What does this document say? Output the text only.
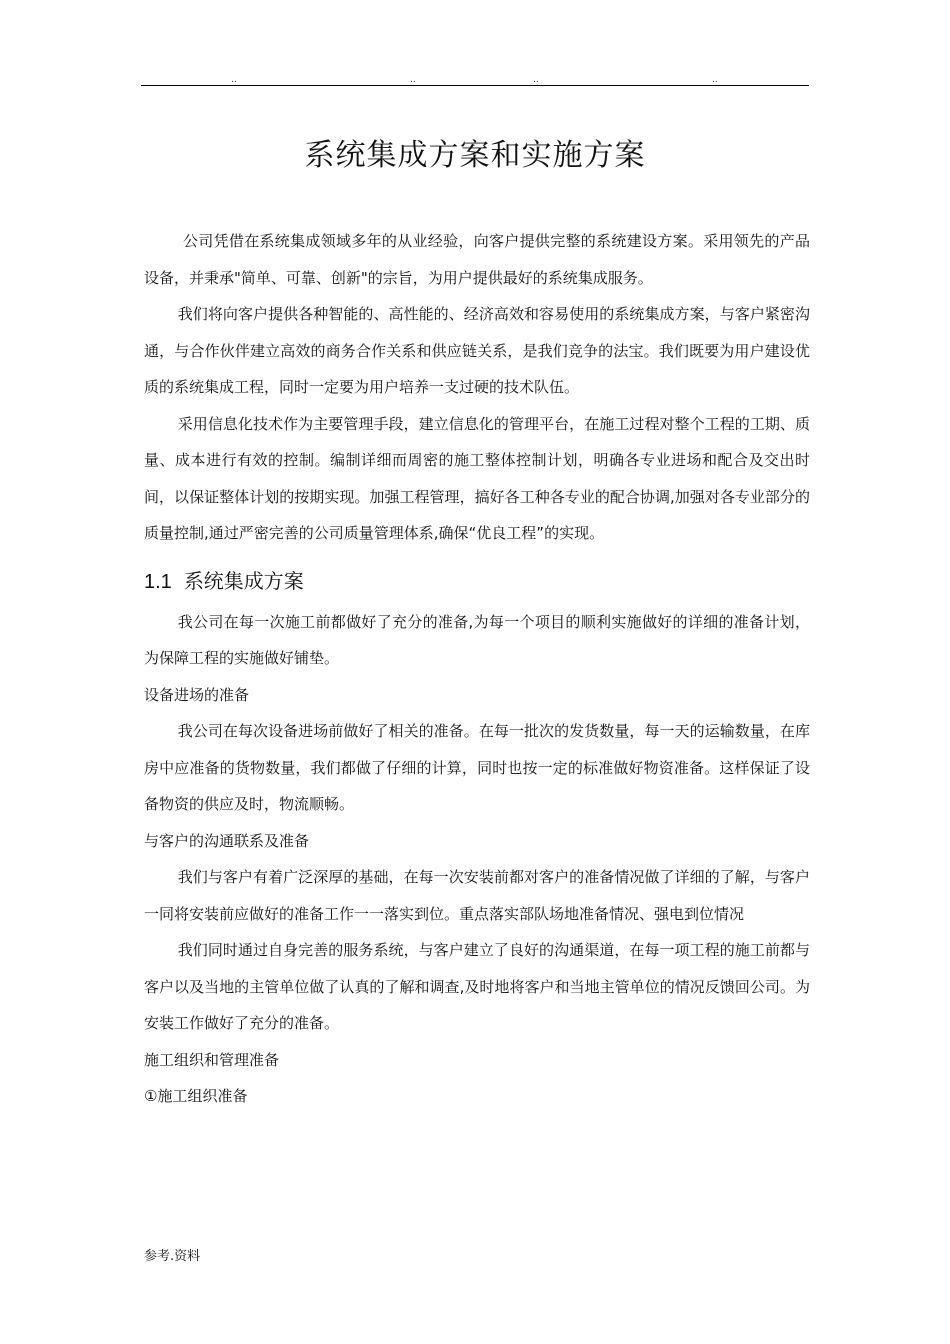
..	..	..	..
系统集成方案和实施方案

公司凭借在系统集成领域多年的从业经验，向客户提供完整的系统建设方案。采用领先的产品设备，并秉承"简单、可靠、创新"的宗旨，为用户提供最好的系统集成服务。

我们将向客户提供各种智能的、高性能的、经济高效和容易使用的系统集成方案，与客户紧密沟通，与合作伙伴建立高效的商务合作关系和供应链关系，是我们竞争的法宝。我们既要为用户建设优质的系统集成工程，同时一定要为用户培养一支过硬的技术队伍。

采用信息化技术作为主要管理手段，建立信息化的管理平台，在施工过程对整个工程的工期、质量、成本进行有效的控制。编制详细而周密的施工整体控制计划，明确各专业进场和配合及交出时间，以保证整体计划的按期实现。加强工程管理，搞好各工种各专业的配合协调,加强对各专业部分的质量控制,通过严密完善的公司质量管理体系,确保“优良工程”的实现。

1.1 系统集成方案

我公司在每一次施工前都做好了充分的准备,为每一个项目的顺利实施做好的详细的准备计划，为保障工程的实施做好铺垫。

设备进场的准备

我公司在每次设备进场前做好了相关的准备。在每一批次的发货数量，每一天的运输数量，在库房中应准备的货物数量，我们都做了仔细的计算，同时也按一定的标准做好物资准备。这样保证了设备物资的供应及时，物流顺畅。

与客户的沟通联系及准备

我们与客户有着广泛深厚的基础，在每一次安装前都对客户的准备情况做了详细的了解，与客户一同将安装前应做好的准备工作一一落实到位。重点落实部队场地准备情况、强电到位情况

我们同时通过自身完善的服务系统，与客户建立了良好的沟通渠道，在每一项工程的施工前都与客户以及当地的主管单位做了认真的了解和调查,及时地将客户和当地主管单位的情况反馈回公司。为安装工作做好了充分的准备。

施工组织和管理准备

①施工组织准备

参考.资料
